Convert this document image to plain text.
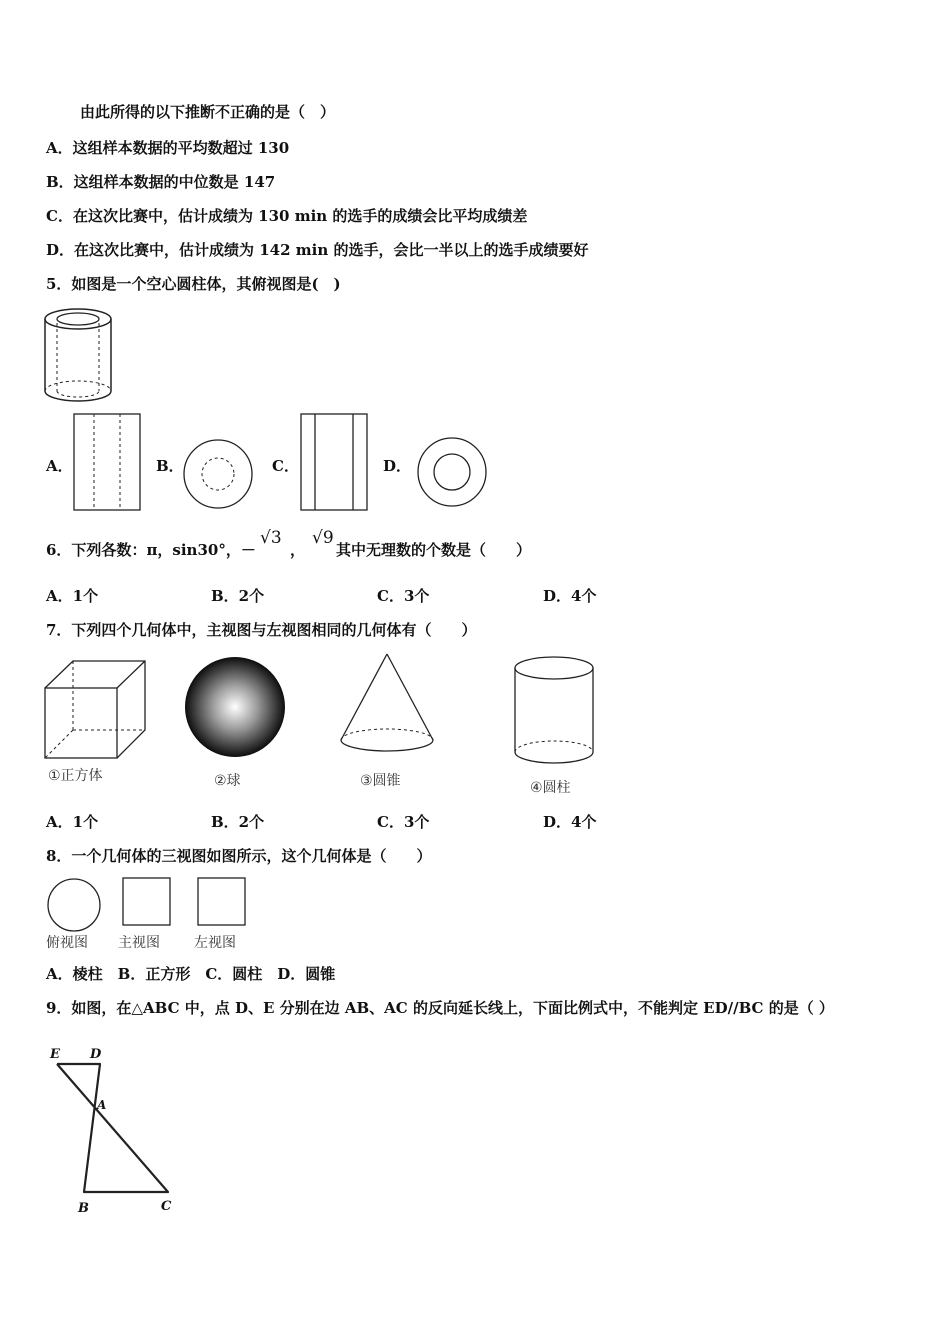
由此所得的以下推断不正确的是（　）
A．这组样本数据的平均数超过 130
B．这组样本数据的中位数是 147
C．在这次比赛中，估计成绩为 130 min 的选手的成绩会比平均成绩差
D．在这次比赛中，估计成绩为 142 min 的选手，会比一半以上的选手成绩要好
5．如图是一个空心圆柱体，其俯视图是(　)
A．	B．	C．	D．
6．下列各数：π，sin30°，－
√3
，
√9
其中无理数的个数是（　　）
A．1个	B．2个	C．3个	D．4个
7．下列四个几何体中，主视图与左视图相同的几何体有（　　）
①正方体	②球	③圆锥	④圆柱
A．1个	B．2个	C．3个	D．4个
8．一个几何体的三视图如图所示，这个几何体是（　　）
俯视图 主视图 左视图
A．棱柱　B．正方形　C．圆柱　D．圆锥
9．如图，在△ABC 中，点 D、E 分别在边 AB、AC 的反向延长线上，下面比例式中，不能判定 ED//BC 的是（ ）
E D
A
B	C
